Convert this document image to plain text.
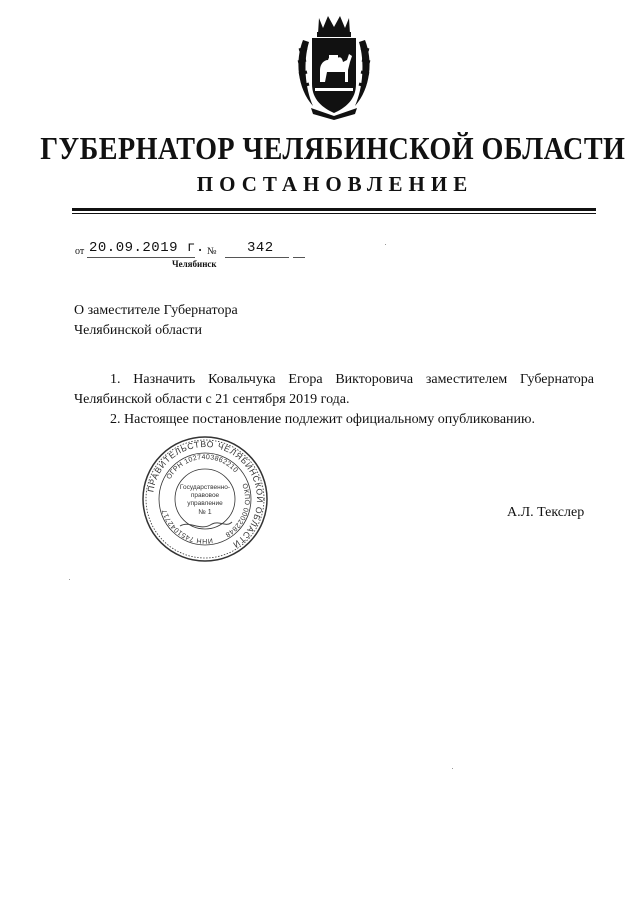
ГУБЕРНАТОР ЧЕЛЯБИНСКОЙ ОБЛАСТИ
ПОСТАНОВЛЕНИЕ
от 20.09.2019 г. № 342
Челябинск
О заместителе Губернатора
Челябинской области
1. Назначить Ковальчука Егора Викторовича заместителем Губернатора Челябинской области с 21 сентября 2019 года.
2. Настоящее постановление подлежит официальному опубликованию.
ПРАВИТЕЛЬСТВО ЧЕЛЯБИНСКОЙ ОБЛАСТИ
ОГРН 1027403862210
ОКПО 00022848
ИНН 7451042717
Государственно-
правовое
управление
№ 1	А.Л. Текслер
